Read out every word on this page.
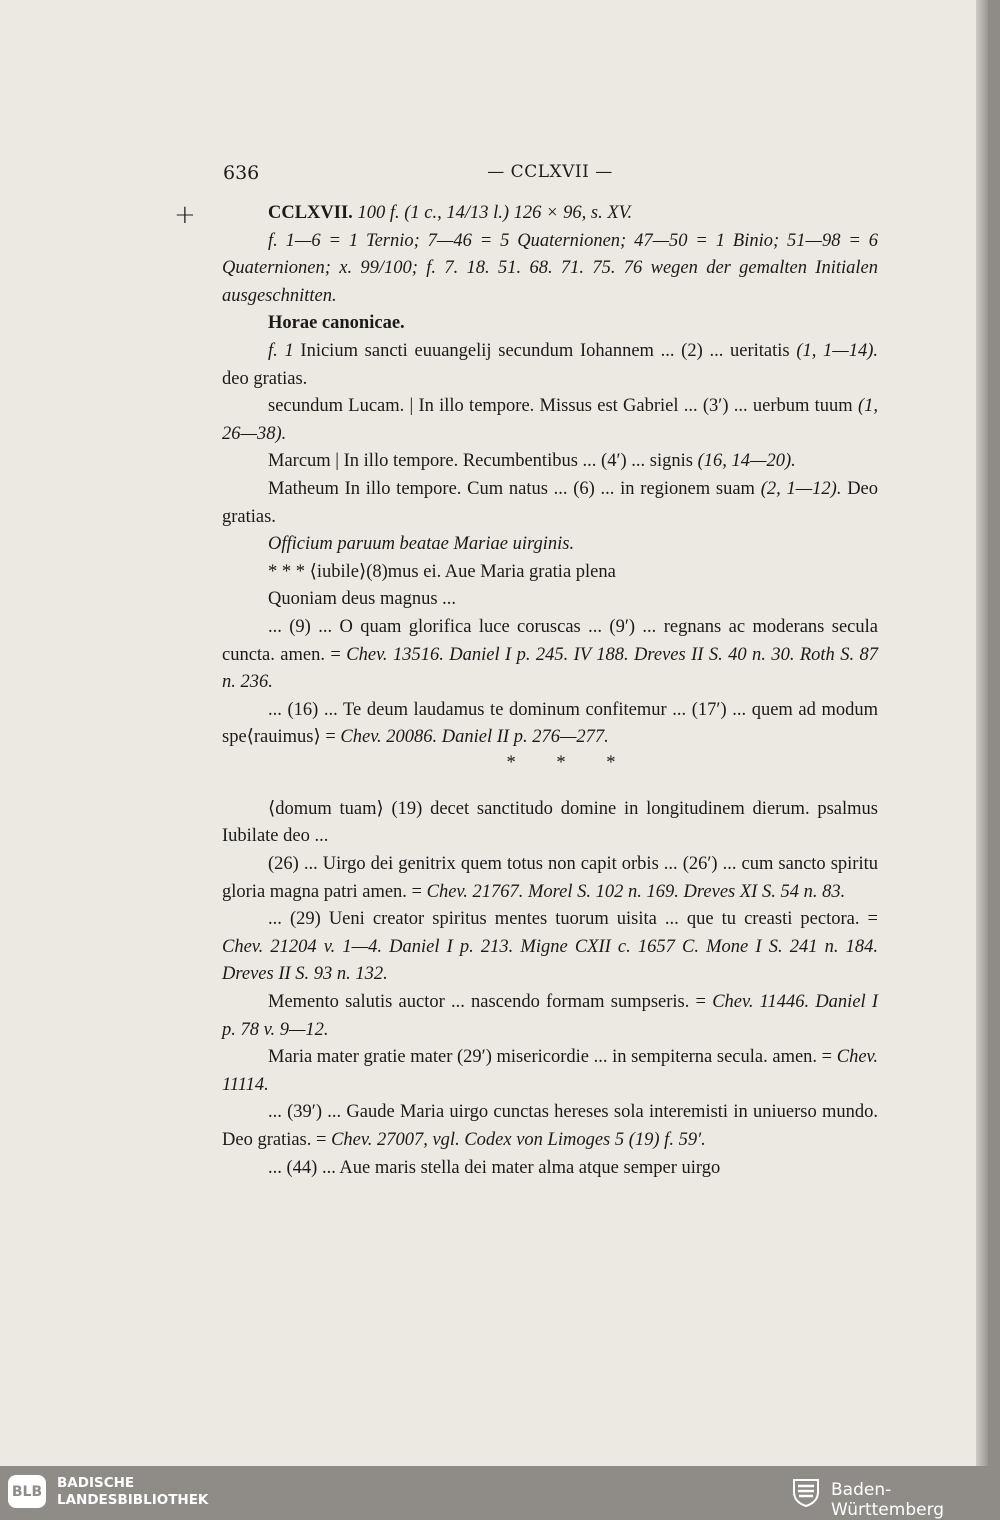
636	— CCLXVII —
+	CCLXVII. 100 f. (1 c., 14/13 l.) 126 × 96, s. XV.

f. 1—6 = 1 Ternio; 7—46 = 5 Quaternionen; 47—50 = 1 Binio; 51—98 = 6 Quaternionen; x. 99/100; f. 7. 18. 51. 68. 71. 75. 76 wegen der gemalten Initialen ausgeschnitten.

Horae canonicae.

f. 1 Inicium sancti euuangelij secundum Iohannem ... (2) ... ueritatis (1, 1—14). deo gratias.

secundum Lucam. | In illo tempore. Missus est Gabriel ... (3′) ... uerbum tuum (1, 26—38).

Marcum | In illo tempore. Recumbentibus ... (4′) ... signis (16, 14—20).

Matheum In illo tempore. Cum natus ... (6) ... in regionem suam (2, 1—12). Deo gratias.

Officium paruum beatae Mariae uirginis.

* * * ⟨iubile⟩(8)mus ei. Aue Maria gratia plena

Quoniam deus magnus ...

... (9) ... O quam glorifica luce coruscas ... (9′) ... regnans ac moderans secula cuncta. amen. = Chev. 13516. Daniel I p. 245. IV 188. Dreves II S. 40 n. 30. Roth S. 87 n. 236.

... (16) ... Te deum laudamus te dominum confitemur ... (17′) ... quem ad modum spe⟨rauimus⟩ = Chev. 20086. Daniel II p. 276—277.

* * *

⟨domum tuam⟩ (19) decet sanctitudo domine in longitudinem dierum. psalmus Iubilate deo ...

(26) ... Uirgo dei genitrix quem totus non capit orbis ... (26′) ... cum sancto spiritu gloria magna patri amen. = Chev. 21767. Morel S. 102 n. 169. Dreves XI S. 54 n. 83.

... (29) Ueni creator spiritus mentes tuorum uisita ... que tu creasti pectora. = Chev. 21204 v. 1—4. Daniel I p. 213. Migne CXII c. 1657 C. Mone I S. 241 n. 184. Dreves II S. 93 n. 132.

Memento salutis auctor ... nascendo formam sumpseris. = Chev. 11446. Daniel I p. 78 v. 9—12.

Maria mater gratie mater (29′) misericordie ... in sempiterna secula. amen. = Chev. 11114.

... (39′) ... Gaude Maria uirgo cunctas hereses sola interemisti in uniuerso mundo. Deo gratias. = Chev. 27007, vgl. Codex von Limoges 5 (19) f. 59′.

... (44) ... Aue maris stella dei mater alma atque semper uirgo

BLB
BADISCHE
LANDESBIBLIOTHEK	Baden-Württemberg
